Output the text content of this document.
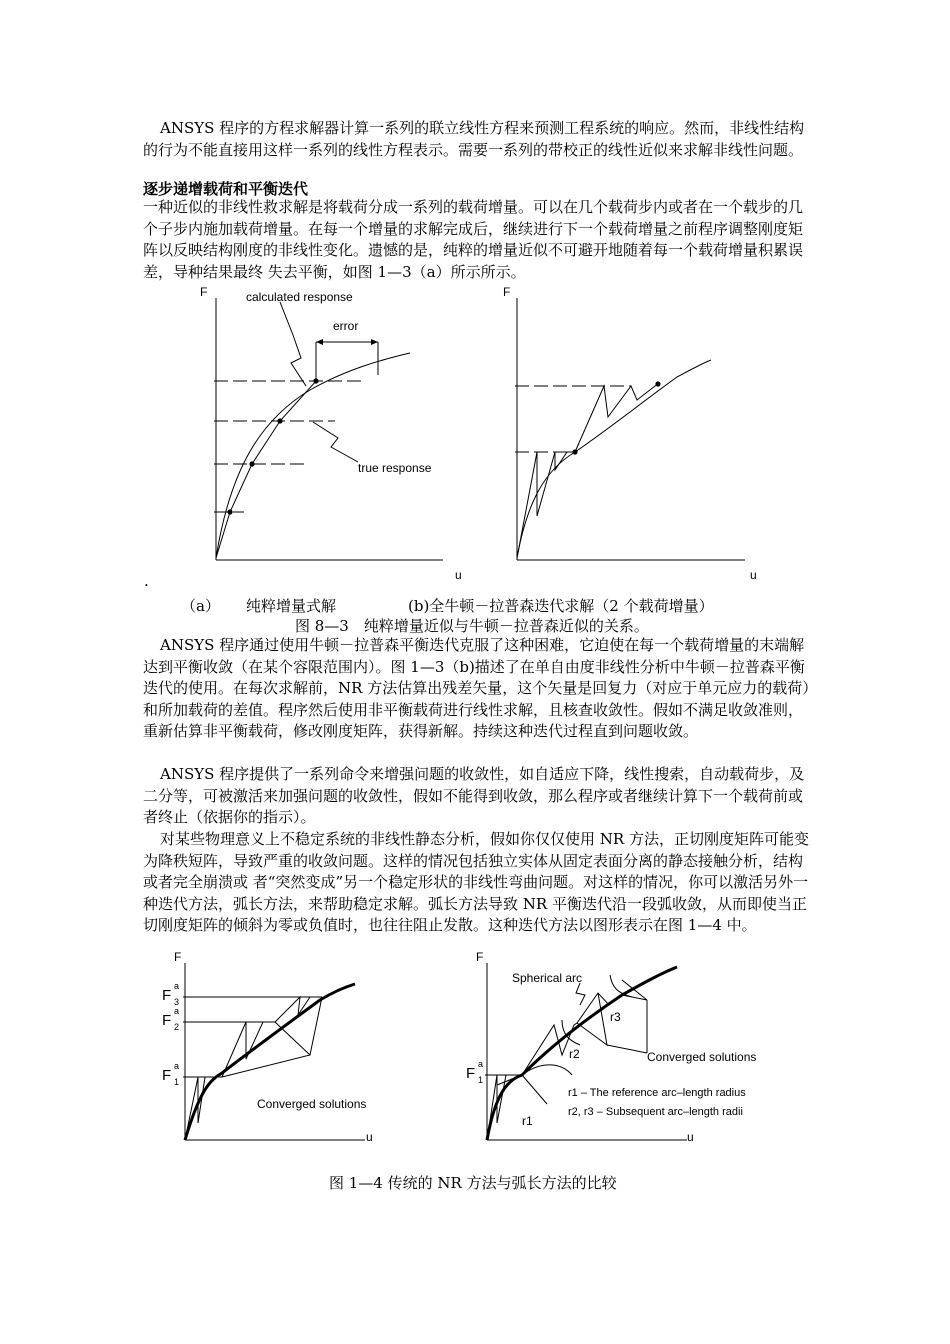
ANSYS 程序的方程求解器计算一系列的联立线性方程来预测工程系统的响应。然而，非线性结构的行为不能直接用这样一系列的线性方程表示。需要一系列的带校正的线性近似来求解非线性问题。

逐步递增载荷和平衡迭代

一种近似的非线性救求解是将载荷分成一系列的载荷增量。可以在几个载荷步内或者在一个载步的几个子步内施加载荷增量。在每一个增量的求解完成后，继续进行下一个载荷增量之前程序调整刚度矩阵以反映结构刚度的非线性变化。遗憾的是，纯粹的增量近似不可避开地随着每一个载荷增量积累误差，导种结果最终 失去平衡，如图 1—3（a）所示所示。

F
u
calculated response
error
true response
F
u

.

（a） 纯粹增量式解	(b)全牛顿－拉普森迭代求解（2 个载荷增量）

图 8—3　纯粹增量近似与牛顿－拉普森近似的关系。

ANSYS 程序通过使用牛顿－拉普森平衡迭代克服了这种困难，它迫使在每一个载荷增量的末端解达到平衡收敛（在某个容限范围内）。图 1—3（b)描述了在单自由度非线性分析中牛顿－拉普森平衡迭代的使用。在每次求解前，NR 方法估算出残差矢量，这个矢量是回复力（对应于单元应力的载荷）和所加载荷的差值。程序然后使用非平衡载荷进行线性求解，且核查收敛性。假如不满足收敛准则，重新估算非平衡载荷，修改刚度矩阵，获得新解。持续这种迭代过程直到问题收敛。

ANSYS 程序提供了一系列命令来增强问题的收敛性，如自适应下降，线性搜索，自动载荷步，及二分等，可被激活来加强问题的收敛性，假如不能得到收敛，那么程序或者继续计算下一个载荷前或者终止（依据你的指示）。

对某些物理意义上不稳定系统的非线性静态分析，假如你仅仅使用 NR 方法，正切刚度矩阵可能变为降秩短阵，导致严重的收敛问题。这样的情况包括独立实体从固定表面分离的静态接触分析，结构或者完全崩溃或 者“突然变成”另一个稳定形状的非线性弯曲问题。对这样的情况，你可以激活另外一种迭代方法，弧长方法，来帮助稳定求解。弧长方法导致 NR 平衡迭代沿一段弧收敛，从而即使当正切刚度矩阵的倾斜为零或负值时，也往往阻止发散。这种迭代方法以图形表示在图 1—4 中。

F
u
F
a
3
F
a
2
F
a
1
Converged solutions
F
u
F
a
1
Spherical arc
Converged solutions
r1
r2
r3
r1 – The reference arc–length radius
r2, r3 – Subsequent arc–length radii

图 1—4 传统的 NR 方法与弧长方法的比较
